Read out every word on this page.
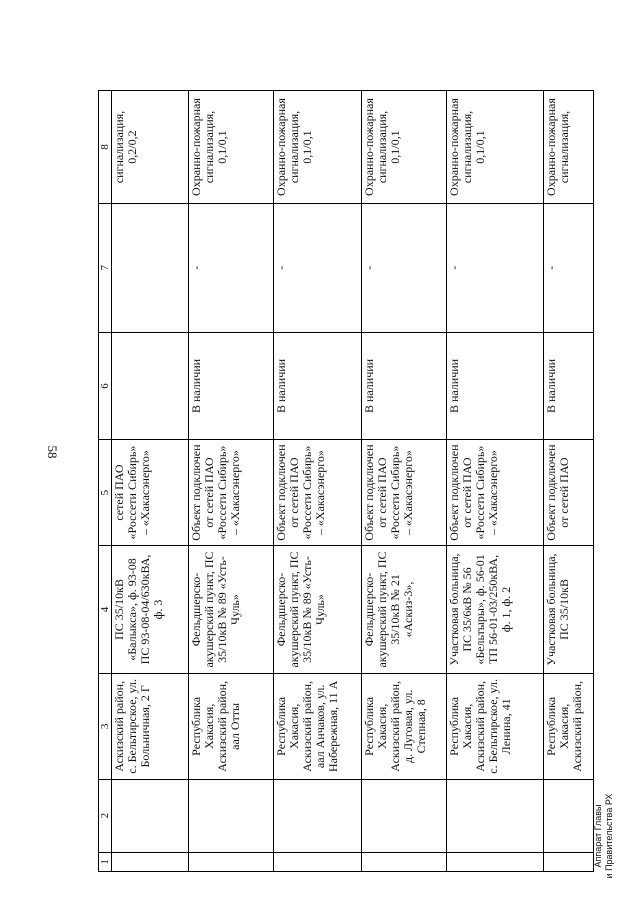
58
Аппарат Главы и Правительства РХ
1	2	3	4	5	6	7	8
		Аскизский район, с. Бельтирское, ул. Больничная, 2 Г	ПС 35/10кВ «Балыкса», ф. 93-08 ПС 93-08-04/630кВА, ф. 3	сетей ПАО «Россети Сибирь» – «Хакасэнерго»			сигнализация, 0,2/0,2
		Республика Хакасия, Аскизский район, аал Отты	Фельдшерско-акушерский пункт, ПС 35/10кВ № 89 «Усть-Чуль»	Объект подключен от сетей ПАО «Россети Сибирь» – «Хакасэнерго»	В наличии	-	Охранно-пожарная сигнализация, 0,1/0,1
		Республика Хакасия, Аскизский район, аал Анчаков, ул. Набережная, 11 А	Фельдшерско-акушерский пункт, ПС 35/10кВ № 89 «Усть-Чуль»	Объект подключен от сетей ПАО «Россети Сибирь» – «Хакасэнерго»	В наличии	-	Охранно-пожарная сигнализация, 0,1/0,1
		Республика Хакасия, Аскизский район, д. Луговая, ул. Степная, 8	Фельдшерско-акушерский пункт, ПС 35/10кВ № 21 «Аскиз-3»,	Объект подключен от сетей ПАО «Россети Сибирь» – «Хакасэнерго»	В наличии	-	Охранно-пожарная сигнализация, 0,1/0,1
		Республика Хакасия, Аскизский район, с. Бельтирское, ул. Ленина, 41	Участковая больница, ПС 35/6кВ № 56 «Бельтыры», ф. 56-01 ТП 56-01-03/250кВА, ф. 1, ф. 2	Объект подключен от сетей ПАО «Россети Сибирь» – «Хакасэнерго»	В наличии	-	Охранно-пожарная сигнализация, 0,1/0,1
		Республика Хакасия, Аскизский район,	Участковая больница, ПС 35/10кВ	Объект подключен от сетей ПАО	В наличии	-	Охранно-пожарная сигнализация,
